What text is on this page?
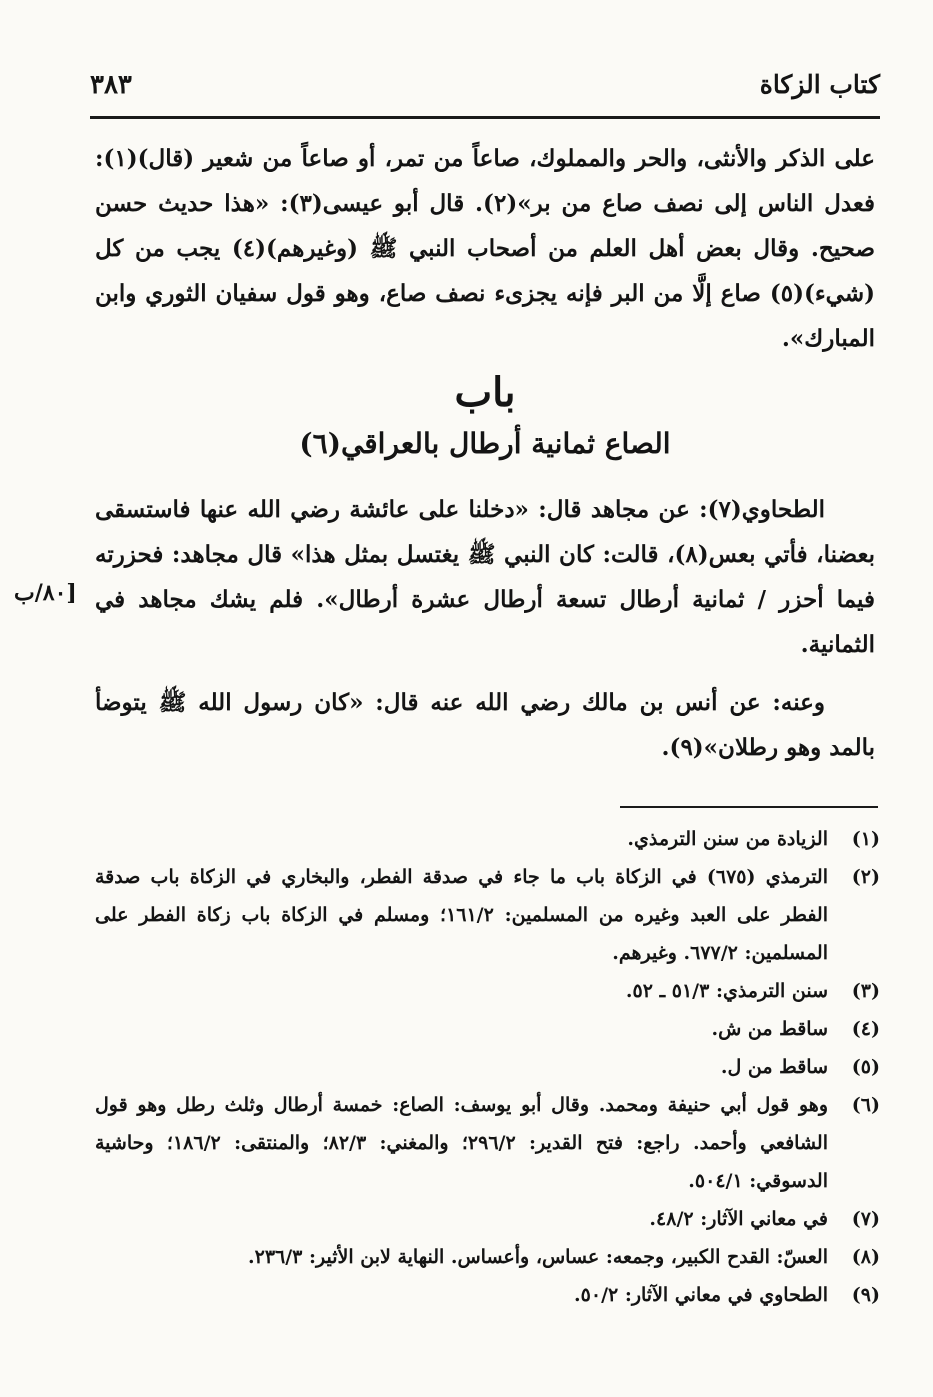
كتاب الزكاة
٣٨٣

على الذكر والأنثى، والحر والمملوك، صاعاً من تمر، أو صاعاً من شعير (قال)(١): فعدل الناس إلى نصف صاع من بر»(٢). قال أبو عيسى(٣): «هذا حديث حسن صحيح. وقال بعض أهل العلم من أصحاب النبي ﷺ (وغيرهم)(٤) يجب من كل (شيء)(٥) صاع إلَّا من البر فإنه يجزىء نصف صاع، وهو قول سفيان الثوري وابن المبارك».

باب
الصاع ثمانية أرطال بالعراقي(٦)

الطحاوي(٧): عن مجاهد قال: «دخلنا على عائشة رضي الله عنها فاستسقى بعضنا، فأتي بعس(٨)، قالت: كان النبي ﷺ يغتسل بمثل هذا» قال مجاهد: فحزرته فيما أحزر / ثمانية أرطال تسعة أرطال عشرة أرطال». فلم يشك مجاهد في الثمانية.

[٨٠/ب

وعنه: عن أنس بن مالك رضي الله عنه قال: «كان رسول الله ﷺ يتوضأ بالمد وهو رطلان»(٩).

(١)
الزيادة من سنن الترمذي.
(٢)
الترمذي (٦٧٥) في الزكاة باب ما جاء في صدقة الفطر، والبخاري في الزكاة باب صدقة الفطر على العبد وغيره من المسلمين: ١٦١/٢؛ ومسلم في الزكاة باب زكاة الفطر على المسلمين: ٦٧٧/٢. وغيرهم.
(٣)
سنن الترمذي: ٥١/٣ ـ ٥٢.
(٤)
ساقط من ش.
(٥)
ساقط من ل.
(٦)
وهو قول أبي حنيفة ومحمد. وقال أبو يوسف: الصاع: خمسة أرطال وثلث رطل وهو قول الشافعي وأحمد. راجع: فتح القدير: ٢٩٦/٢؛ والمغني: ٨٢/٣؛ والمنتقى: ١٨٦/٢؛ وحاشية الدسوقي: ٥٠٤/١.
(٧)
في معاني الآثار: ٤٨/٢.
(٨)
العسّ: القدح الكبير، وجمعه: عساس، وأعساس. النهاية لابن الأثير: ٢٣٦/٣.
(٩)
الطحاوي في معاني الآثار: ٥٠/٢.
